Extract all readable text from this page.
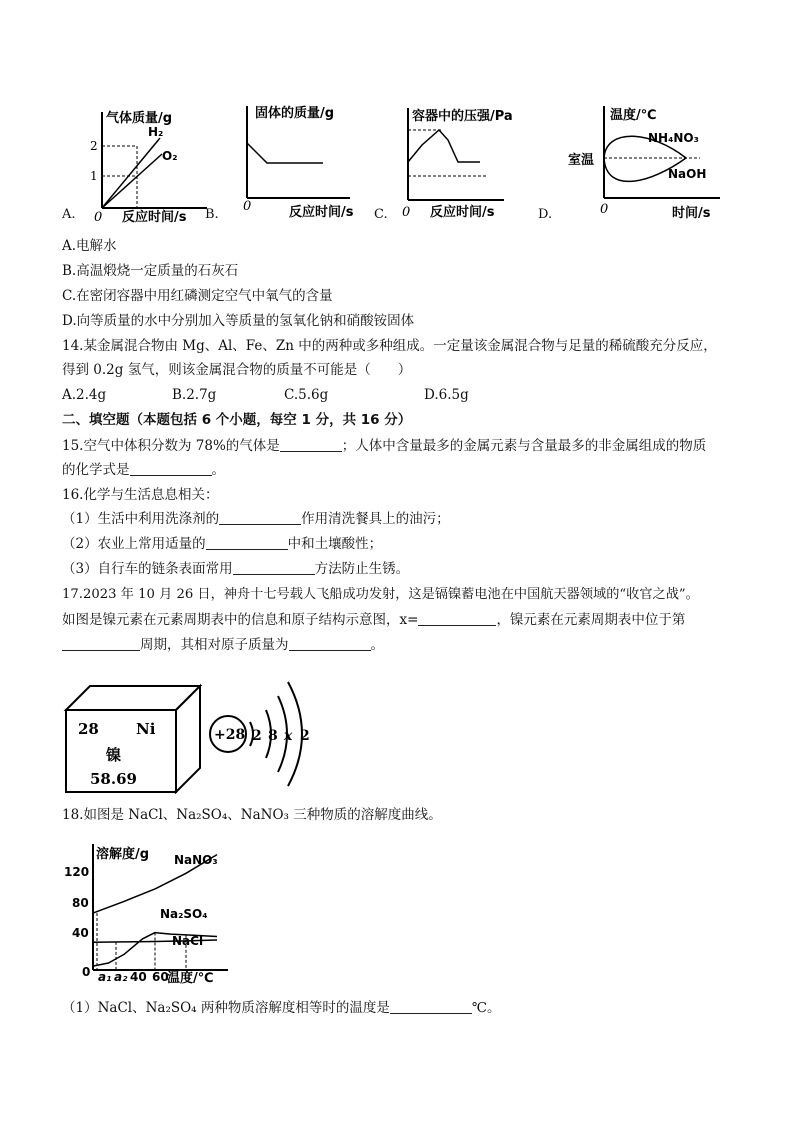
A.
气体质量/g
2
1
H₂
O₂
0 反应时间/s B.
固体的质量/g
0	反应时间/s C.
容器中的压强/Pa
0 反应时间/s	D.
温度/℃
室温
NH₄NO₃
NaOH
0	时间/s
A.电解水
B.高温煅烧一定质量的石灰石
C.在密闭容器中用红磷测定空气中氧气的含量
D.向等质量的水中分别加入等质量的氢氧化钠和硝酸铵固体
14.某金属混合物由 Mg、Al、Fe、Zn 中的两种或多种组成。一定量该金属混合物与足量的稀硫酸充分反应，
得到 0.2g 氢气，则该金属混合物的质量不可能是（　　）
A.2.4g	B.2.7g	C.5.6g	D.6.5g
二、填空题（本题包括 6 个小题，每空 1 分，共 16 分）
15.空气中体积分数为 78%的气体是	；人体中含量最多的金属元素与含量最多的非金属组成的物质
的化学式是	。
16.化学与生活息息相关：
（1）生活中利用洗涤剂的	作用清洗餐具上的油污；
（2）农业上常用适量的	中和土壤酸性；
（3）自行车的链条表面常用	方法防止生锈。
17.2023 年 10 月 26 日，神舟十七号载人飞船成功发射，这是镉镍蓄电池在中国航天器领域的“收官之战”。
如图是镍元素在元素周期表中的信息和原子结构示意图，x=	，镍元素在元素周期表中位于第
周期，其相对原子质量为	。
28 Ni
镍
58.69
+28 2 8 x 2
18.如图是 NaCl、Na₂SO₄、NaNO₃ 三种物质的溶解度曲线。
溶解度/g
温度/℃
120
80
40
0 a₁ a₂ 40 60
NaNO₃
Na₂SO₄
NaCl
（1）NaCl、Na₂SO₄ 两种物质溶解度相等时的温度是	℃。
